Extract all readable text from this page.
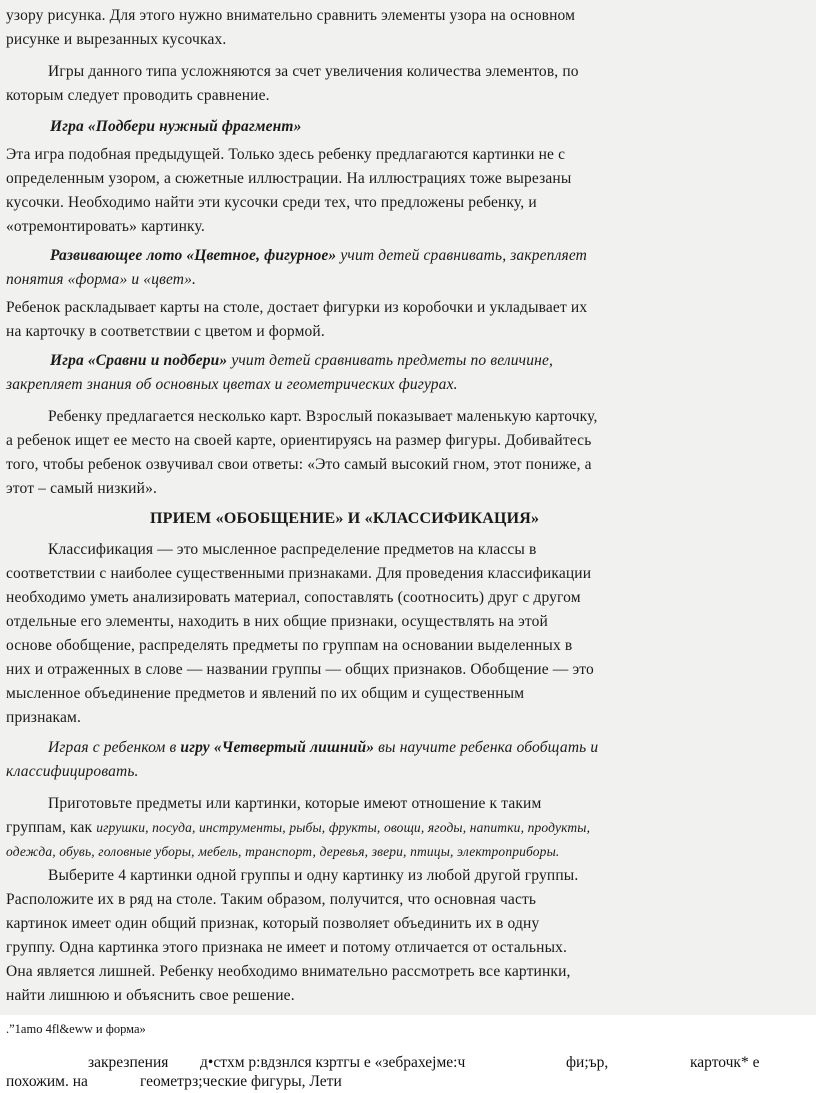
узору рисунка. Для этого нужно внимательно сравнить элементы узора на основном
рисунке и вырезанных кусочках.
Игры данного типа усложняются за счет увеличения количества элементов, по
которым следует проводить сравнение.
Игра «Подбери нужный фрагмент»
Эта игра подобная предыдущей. Только здесь ребенку предлагаются картинки не с
определенным узором, а сюжетные иллюстрации. На иллюстрациях тоже вырезаны
кусочки. Необходимо найти эти кусочки среди тех, что предложены ребенку, и
«отремонтировать» картинку.
Развивающее лото «Цветное, фигурное» учит детей сравнивать, закрепляет
понятия «форма» и «цвет».
Ребенок раскладывает карты на столе, достает фигурки из коробочки и укладывает их
на карточку в соответствии с цветом и формой.
Игра «Сравни и подбери» учит детей сравнивать предметы по величине,
закрепляет знания об основных цветах и геометрических фигурах.
Ребенку предлагается несколько карт. Взрослый показывает маленькую карточку,
а ребенок ищет ее место на своей карте, ориентируясь на размер фигуры. Добивайтесь
того, чтобы ребенок озвучивал свои ответы: «Это самый высокий гном, этот пониже, а
этот – самый низкий».
ПРИЕМ «ОБОБЩЕНИЕ» И «КЛАССИФИКАЦИЯ»
Классификация — это мысленное распределение предметов на классы в
соответствии с наиболее существенными признаками. Для проведения классификации
необходимо уметь анализировать материал, сопоставлять (соотносить) друг с другом
отдельные его элементы, находить в них общие признаки, осуществлять на этой
основе обобщение, распределять предметы по группам на основании выделенных в
них и отраженных в слове — названии группы — общих признаков. Обобщение — это
мысленное объединение предметов и явлений по их общим и существенным
признакам.
Играя с ребенком в игру «Четвертый лишний» вы научите ребенка обобщать и
классифицировать.
Приготовьте предметы или картинки, которые имеют отношение к таким
группам, как игрушки, посуда, инструменты, рыбы, фрукты, овощи, ягоды, напитки, продукты,
одежда, обувь, головные уборы, мебель, транспорт, деревья, звери, птицы, электроприборы.
Выберите 4 картинки одной группы и одну картинку из любой другой группы.
Расположите их в ряд на столе. Таким образом, получится, что основная часть
картинок имеет один общий признак, который позволяет объединить их в одну
группу. Одна картинка этого признака не имеет и потому отличается от остальных.
Она является лишней. Ребенку необходимо внимательно рассмотреть все картинки,
найти лишнюю и объяснить свое решение.
.”1amo 4fl&eww и форма»
закрезпения д•стхм р:вдзнлся кзртгы е «зебрахејме:ч	фи;ър,	карточк* е
похожим. на	геометрз;ческие фигуры, Лети
